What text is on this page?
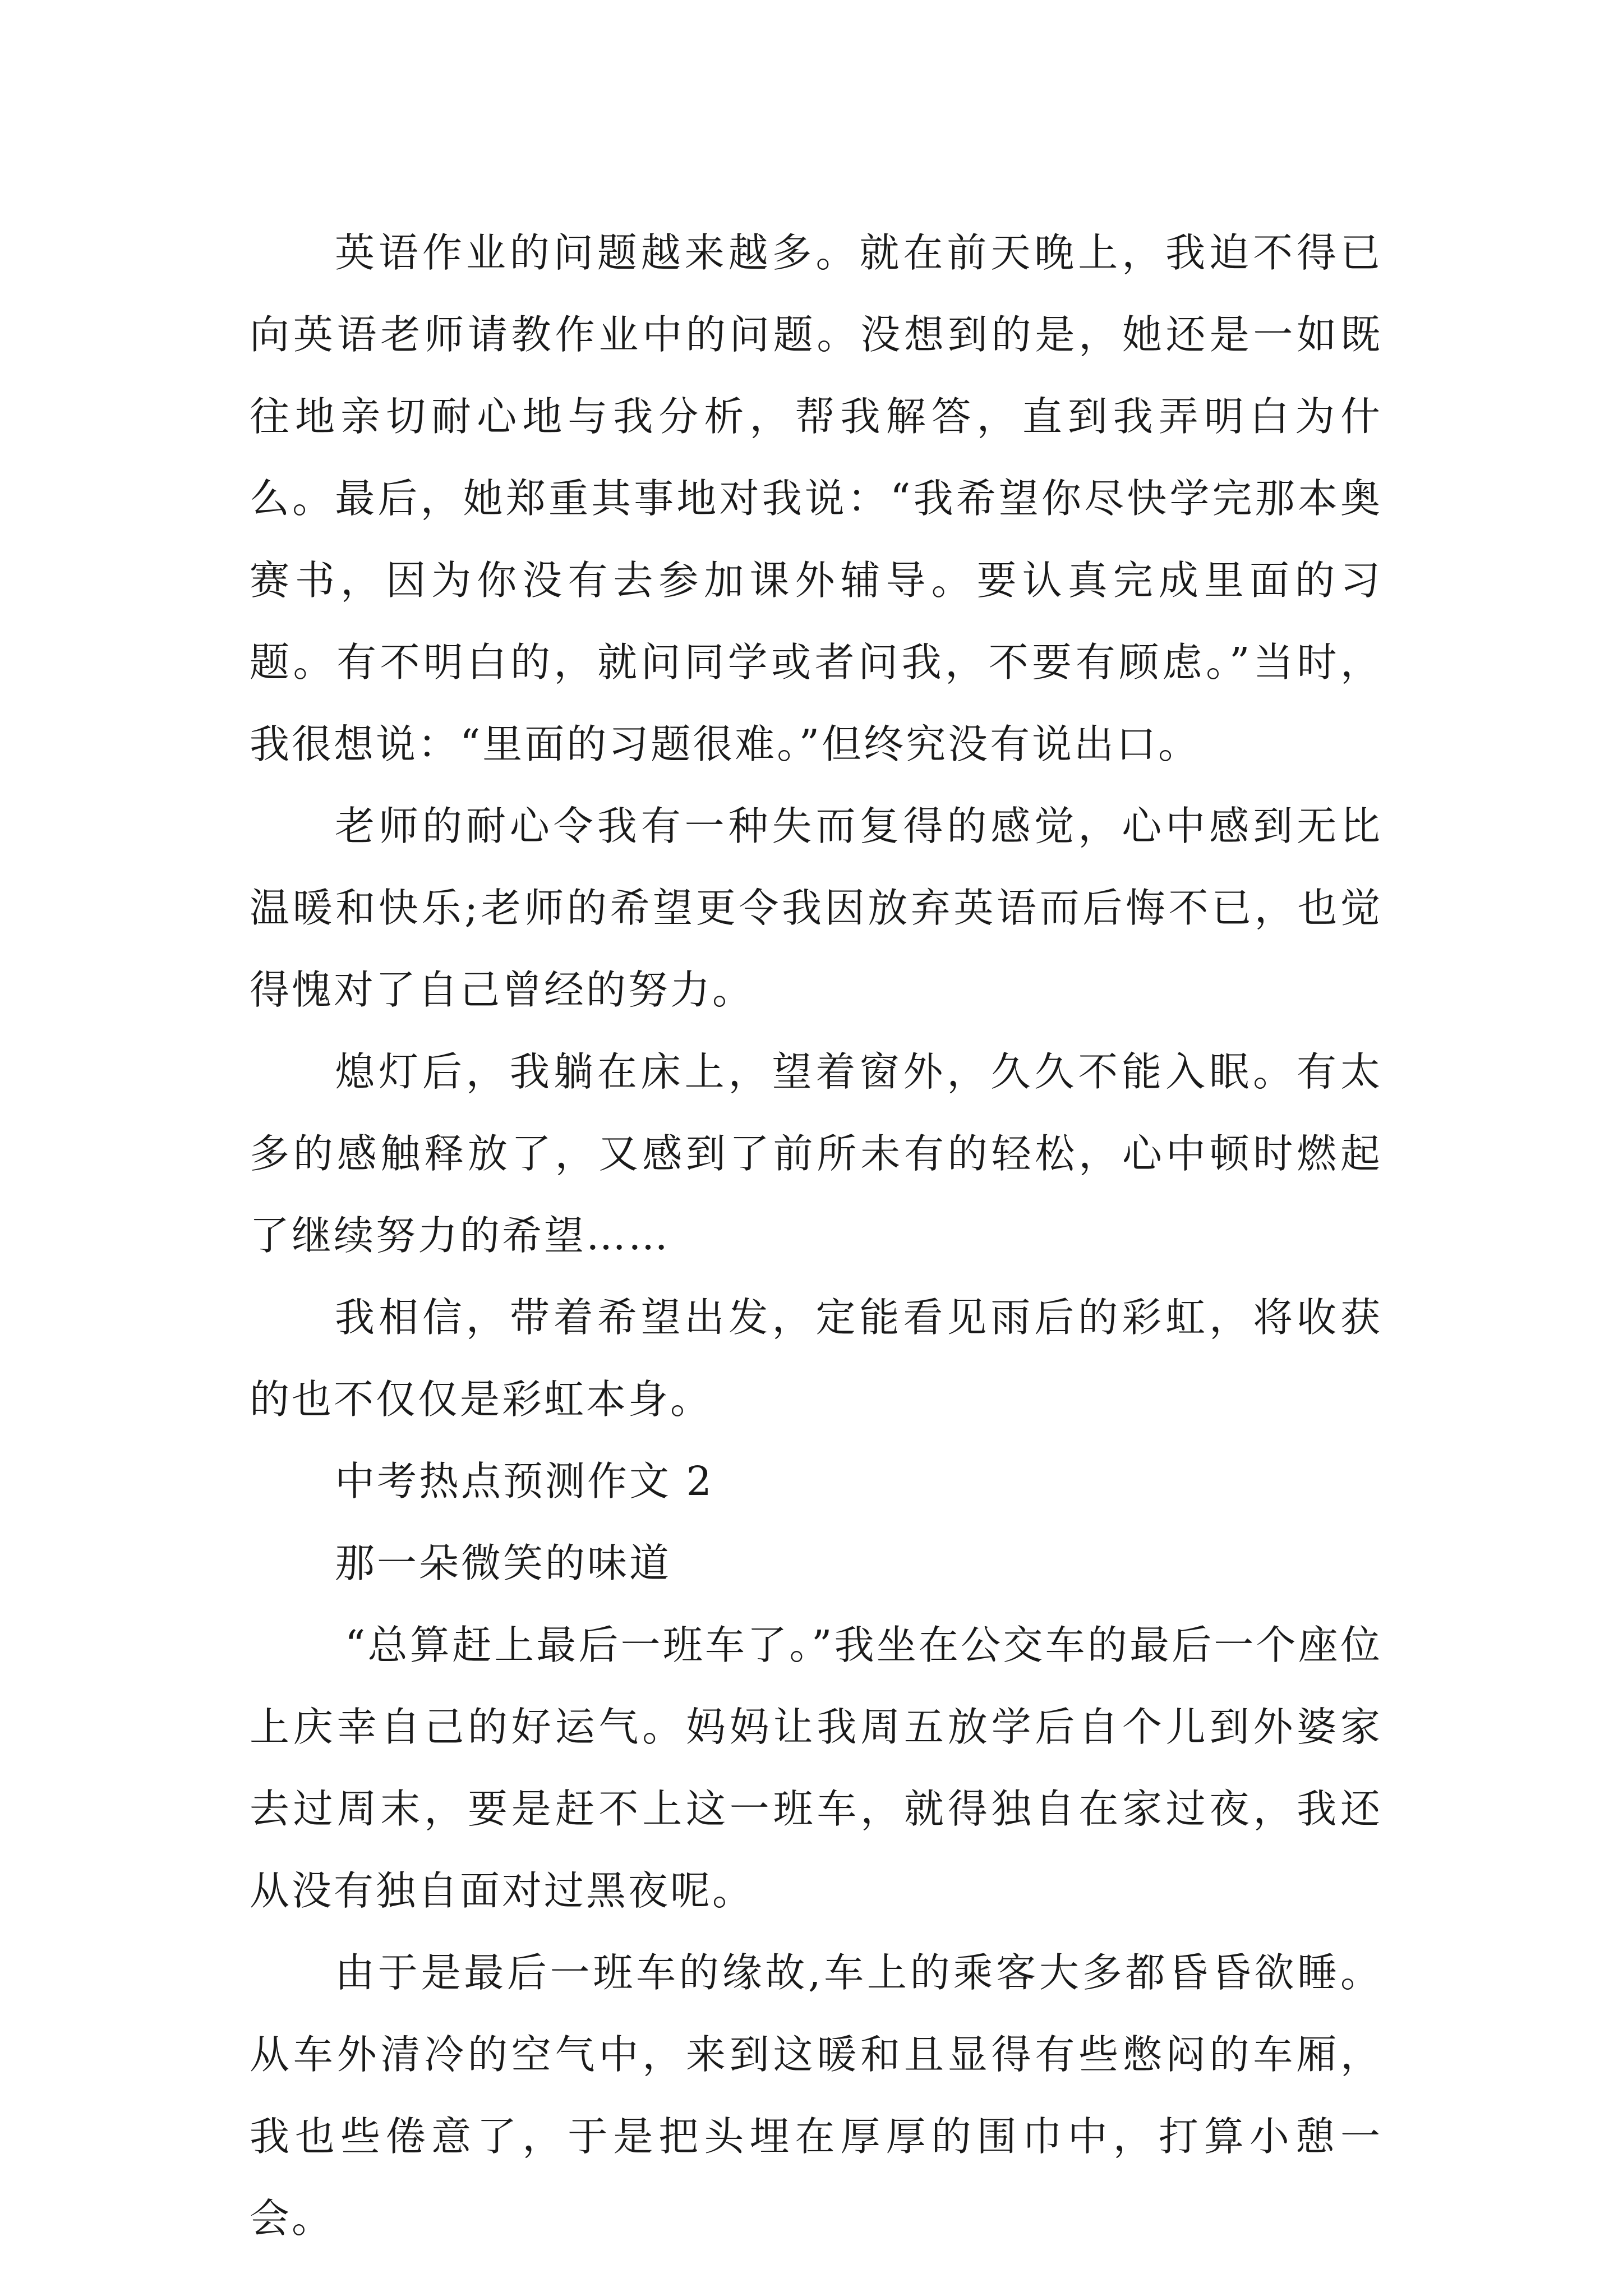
英语作业的问题越来越多。就在前天晚上，我迫不得已向英语老师请教作业中的问题。没想到的是，她还是一如既往地亲切耐心地与我分析，帮我解答，直到我弄明白为什么。最后，她郑重其事地对我说：“我希望你尽快学完那本奥赛书，因为你没有去参加课外辅导。要认真完成里面的习题。有不明白的，就问同学或者问我，不要有顾虑。”当时，我很想说：“里面的习题很难。”但终究没有说出口。

老师的耐心令我有一种失而复得的感觉，心中感到无比温暖和快乐;老师的希望更令我因放弃英语而后悔不已，也觉得愧对了自己曾经的努力。

熄灯后，我躺在床上，望着窗外，久久不能入眠。有太多的感触释放了，又感到了前所未有的轻松，心中顿时燃起了继续努力的希望……

我相信，带着希望出发，定能看见雨后的彩虹，将收获的也不仅仅是彩虹本身。

中考热点预测作文 2

那一朵微笑的味道

“总算赶上最后一班车了。”我坐在公交车的最后一个座位上庆幸自己的好运气。妈妈让我周五放学后自个儿到外婆家去过周末，要是赶不上这一班车，就得独自在家过夜，我还从没有独自面对过黑夜呢。

由于是最后一班车的缘故,车上的乘客大多都昏昏欲睡。从车外清冷的空气中，来到这暖和且显得有些憋闷的车厢，我也些倦意了，于是把头埋在厚厚的围巾中，打算小憩一会。
